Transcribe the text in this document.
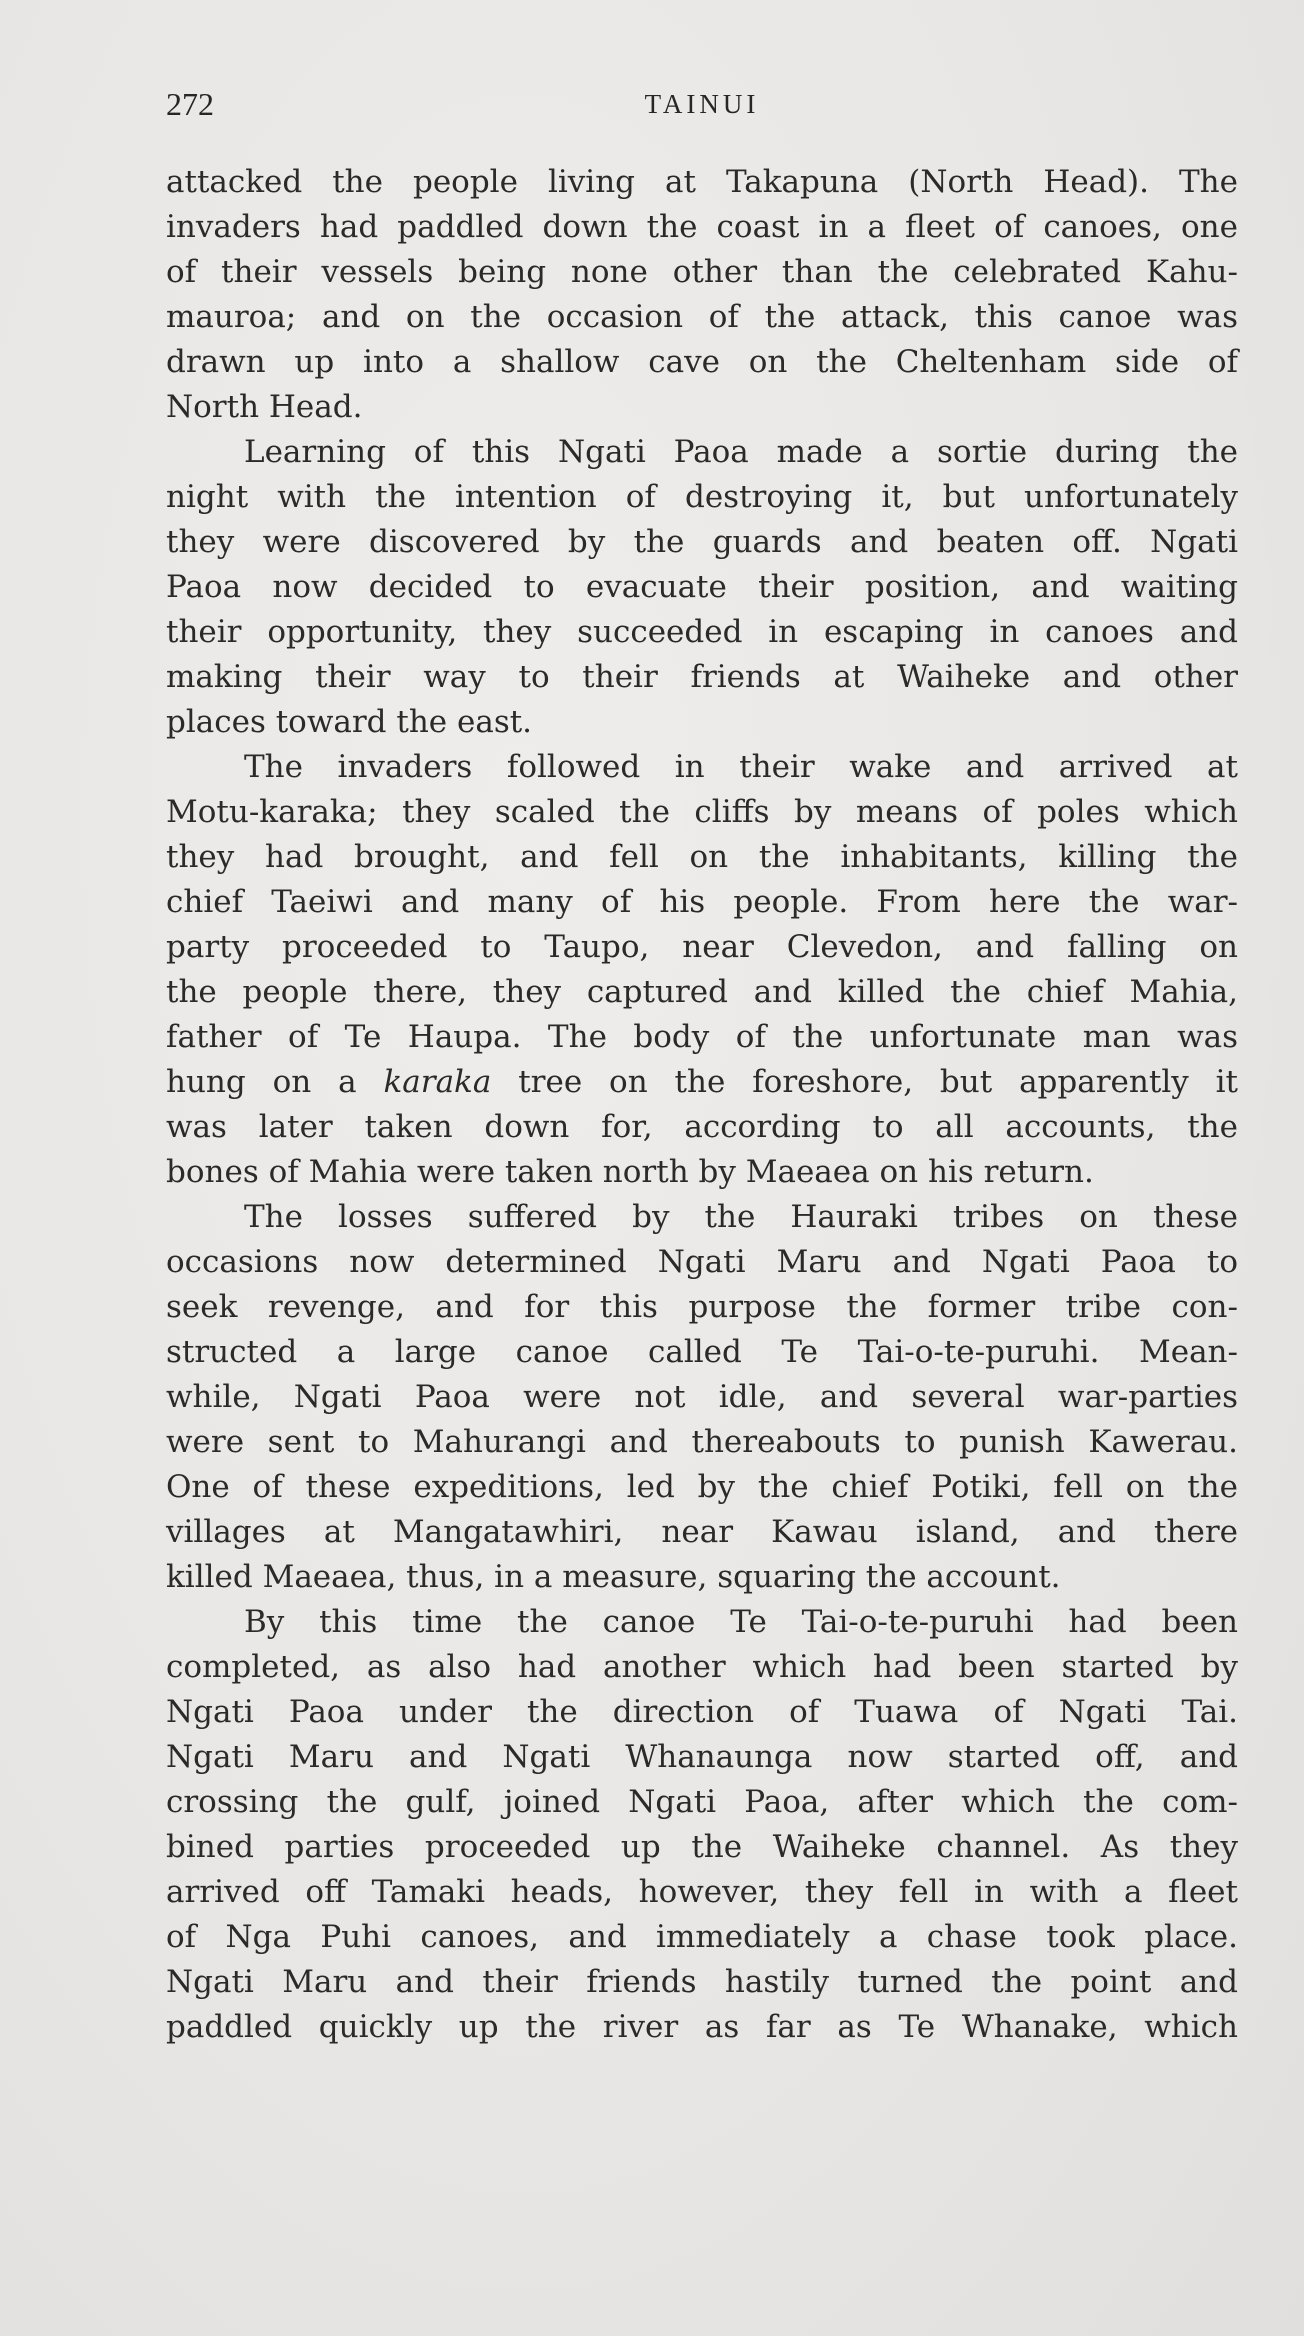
272	TAINUI

attacked the people living at Takapuna (North Head). The
invaders had paddled down the coast in a fleet of canoes, one
of their vessels being none other than the celebrated Kahu-
mauroa; and on the occasion of the attack, this canoe was
drawn up into a shallow cave on the Cheltenham side of
North Head.

Learning of this Ngati Paoa made a sortie during the
night with the intention of destroying it, but unfortunately
they were discovered by the guards and beaten off. Ngati
Paoa now decided to evacuate their position, and waiting
their opportunity, they succeeded in escaping in canoes and
making their way to their friends at Waiheke and other
places toward the east.

The invaders followed in their wake and arrived at
Motu-karaka; they scaled the cliffs by means of poles which
they had brought, and fell on the inhabitants, killing the
chief Taeiwi and many of his people. From here the war-
party proceeded to Taupo, near Clevedon, and falling on
the people there, they captured and killed the chief Mahia,
father of Te Haupa. The body of the unfortunate man was
hung on a karaka tree on the foreshore, but apparently it
was later taken down for, according to all accounts, the
bones of Mahia were taken north by Maeaea on his return.

The losses suffered by the Hauraki tribes on these
occasions now determined Ngati Maru and Ngati Paoa to
seek revenge, and for this purpose the former tribe con-
structed a large canoe called Te Tai-o-te-puruhi. Mean-
while, Ngati Paoa were not idle, and several war-parties
were sent to Mahurangi and thereabouts to punish Kawerau.
One of these expeditions, led by the chief Potiki, fell on the
villages at Mangatawhiri, near Kawau island, and there
killed Maeaea, thus, in a measure, squaring the account.

By this time the canoe Te Tai-o-te-puruhi had been
completed, as also had another which had been started by
Ngati Paoa under the direction of Tuawa of Ngati Tai.
Ngati Maru and Ngati Whanaunga now started off, and
crossing the gulf, joined Ngati Paoa, after which the com-
bined parties proceeded up the Waiheke channel. As they
arrived off Tamaki heads, however, they fell in with a fleet
of Nga Puhi canoes, and immediately a chase took place.
Ngati Maru and their friends hastily turned the point and
paddled quickly up the river as far as Te Whanake, which
